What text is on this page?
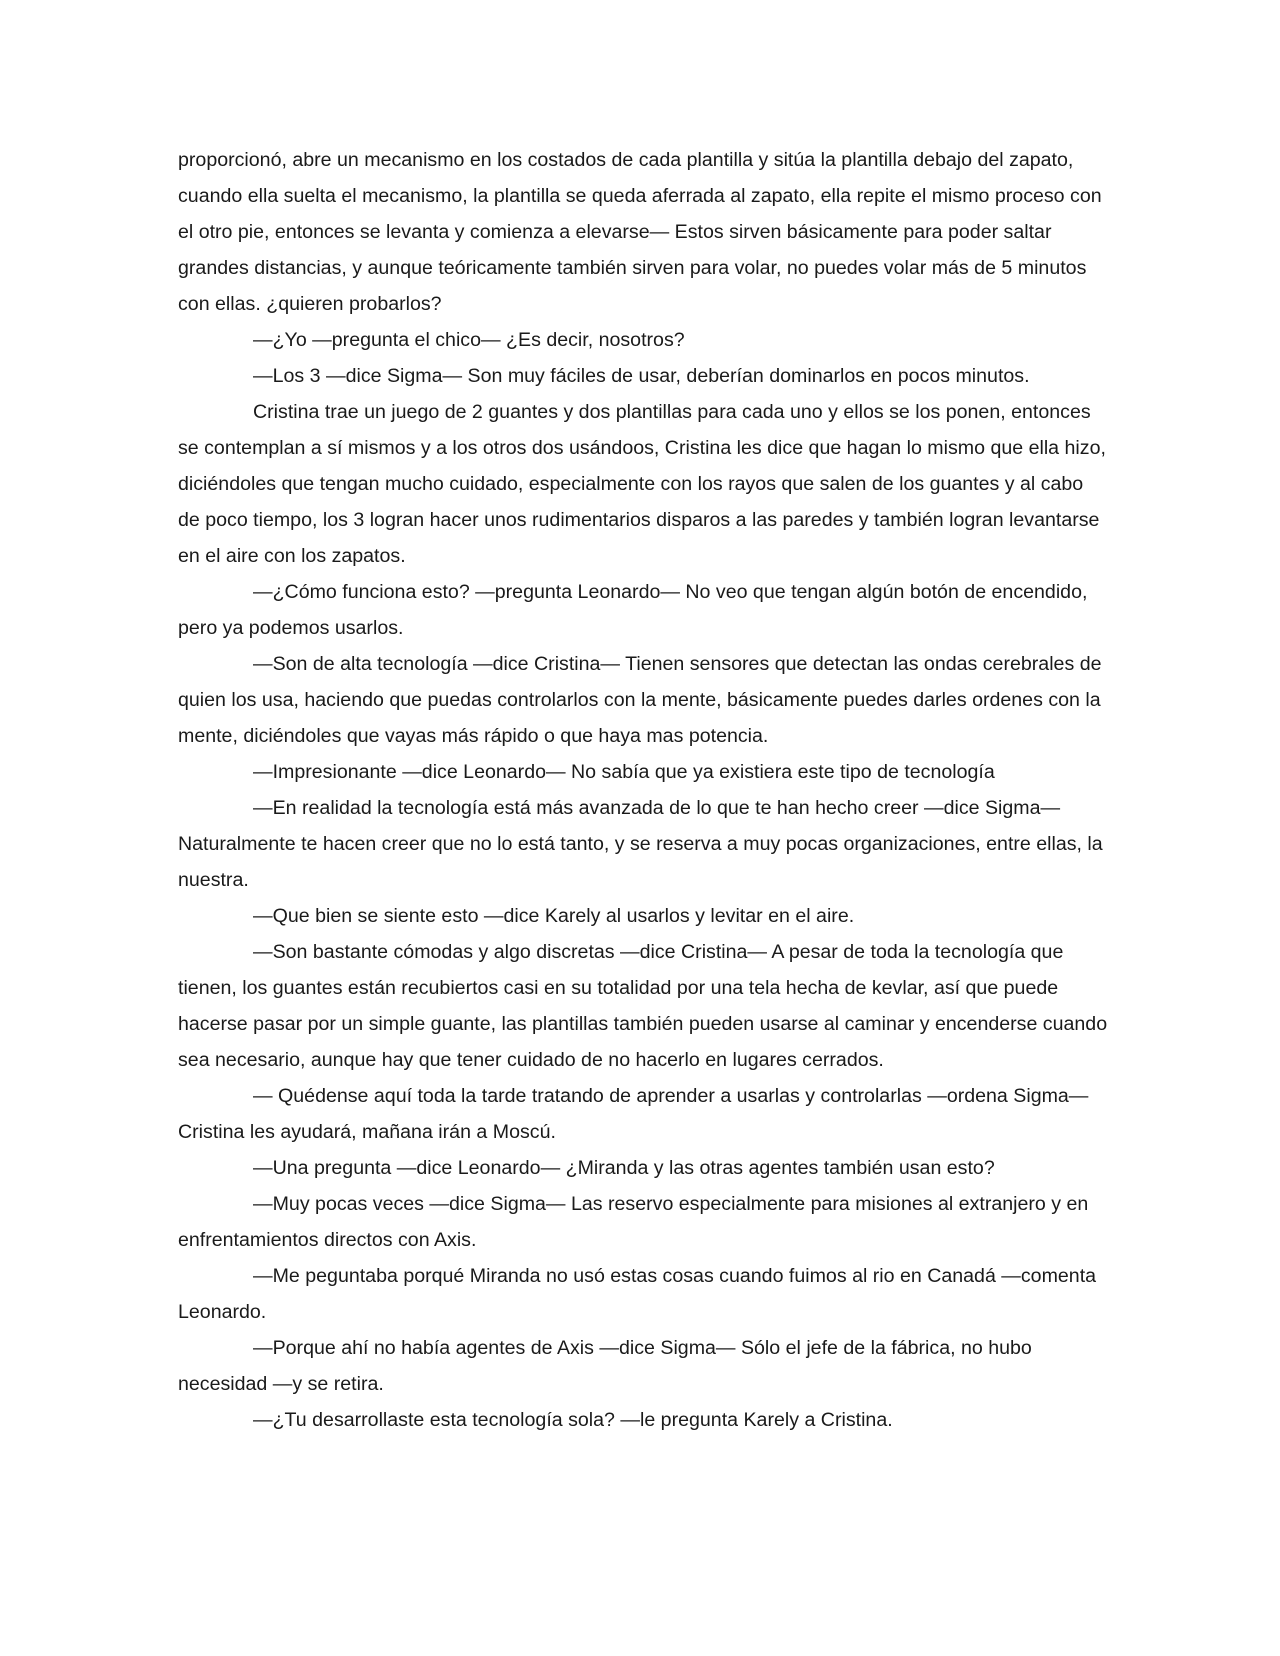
proporcionó, abre un mecanismo en los costados de cada plantilla y sitúa la plantilla debajo del zapato, cuando ella suelta el mecanismo, la plantilla se queda aferrada al zapato, ella repite el mismo proceso con el otro pie, entonces se levanta y comienza a elevarse— Estos sirven básicamente para poder saltar grandes distancias, y aunque teóricamente también sirven para volar, no puedes volar más de 5 minutos con ellas. ¿quieren probarlos?

—¿Yo —pregunta el chico— ¿Es decir, nosotros?

—Los 3 —dice Sigma— Son muy fáciles de usar, deberían dominarlos en pocos minutos.

Cristina trae un juego de 2 guantes y dos plantillas para cada uno y ellos se los ponen, entonces se contemplan a sí mismos y a los otros dos usándoos, Cristina les dice que hagan lo mismo que ella hizo, diciéndoles que tengan mucho cuidado, especialmente con los rayos que salen de los guantes y al cabo de poco tiempo, los 3 logran hacer unos rudimentarios disparos a las paredes y también logran levantarse en el aire con los zapatos.

—¿Cómo funciona esto? —pregunta Leonardo— No veo que tengan algún botón de encendido, pero ya podemos usarlos.

—Son de alta tecnología —dice Cristina— Tienen sensores que detectan las ondas cerebrales de quien los usa, haciendo que puedas controlarlos con la mente, básicamente puedes darles ordenes con la mente, diciéndoles que vayas más rápido o que haya mas potencia.

—Impresionante —dice Leonardo— No sabía que ya existiera este tipo de tecnología

—En realidad la tecnología está más avanzada de lo que te han hecho creer —dice Sigma— Naturalmente te hacen creer que no lo está tanto, y se reserva a muy pocas organizaciones, entre ellas, la nuestra.

—Que bien se siente esto —dice Karely al usarlos y levitar en el aire.

—Son bastante cómodas y algo discretas —dice Cristina— A pesar de toda la tecnología que tienen, los guantes están recubiertos casi en su totalidad por una tela hecha de kevlar, así que puede hacerse pasar por un simple guante, las plantillas también pueden usarse al caminar y encenderse cuando sea necesario, aunque hay que tener cuidado de no hacerlo en lugares cerrados.

— Quédense aquí toda la tarde tratando de aprender a usarlas y controlarlas —ordena Sigma— Cristina les ayudará, mañana irán a Moscú.

—Una pregunta —dice Leonardo— ¿Miranda y las otras agentes también usan esto?

—Muy pocas veces —dice Sigma— Las reservo especialmente para misiones al extranjero y en enfrentamientos directos con Axis.

—Me peguntaba porqué Miranda no usó estas cosas cuando fuimos al rio en Canadá —comenta Leonardo.

—Porque ahí no había agentes de Axis —dice Sigma— Sólo el jefe de la fábrica, no hubo necesidad —y se retira.

—¿Tu desarrollaste esta tecnología sola? —le pregunta Karely a Cristina.
